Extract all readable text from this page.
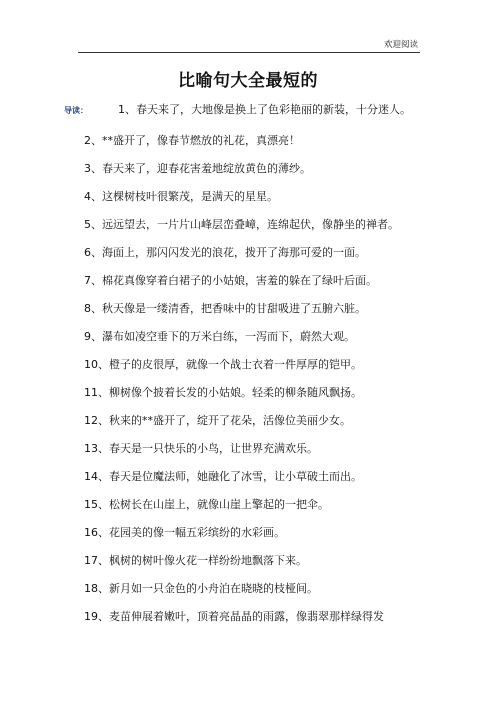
欢迎阅读
比喻句大全最短的

导读：	1、春天来了，大地像是换上了色彩艳丽的新装，十分迷人。

2、**盛开了，像春节燃放的礼花，真漂亮！

3、春天来了，迎春花害羞地绽放黄色的薄纱。

4、这棵树枝叶很繁茂，是满天的星星。

5、远远望去，一片片山峰层峦叠嶂，连绵起伏，像静坐的禅者。

6、海面上，那闪闪发光的浪花，拨开了海那可爱的一面。

7、棉花真像穿着白裙子的小姑娘，害羞的躲在了绿叶后面。

8、秋天像是一缕清香，把香味中的甘甜吸进了五腑六脏。

9、瀑布如凌空垂下的万米白练，一泻而下，蔚然大观。

10、橙子的皮很厚，就像一个战士衣着一件厚厚的铠甲。

11、柳树像个披着长发的小姑娘。轻柔的柳条随风飘扬。

12、秋来的**盛开了，绽开了花朵，活像位美丽少女。

13、春天是一只快乐的小鸟，让世界充满欢乐。

14、春天是位魔法师，她融化了冰雪，让小草破土而出。

15、松树长在山崖上，就像山崖上擎起的一把伞。

16、花园美的像一幅五彩缤纷的水彩画。

17、枫树的树叶像火花一样纷纷地飘落下来。

18、新月如一只金色的小舟泊在晓晓的枝桠间。

19、麦苗伸展着嫩叶，顶着亮晶晶的雨露，像翡翠那样绿得发
